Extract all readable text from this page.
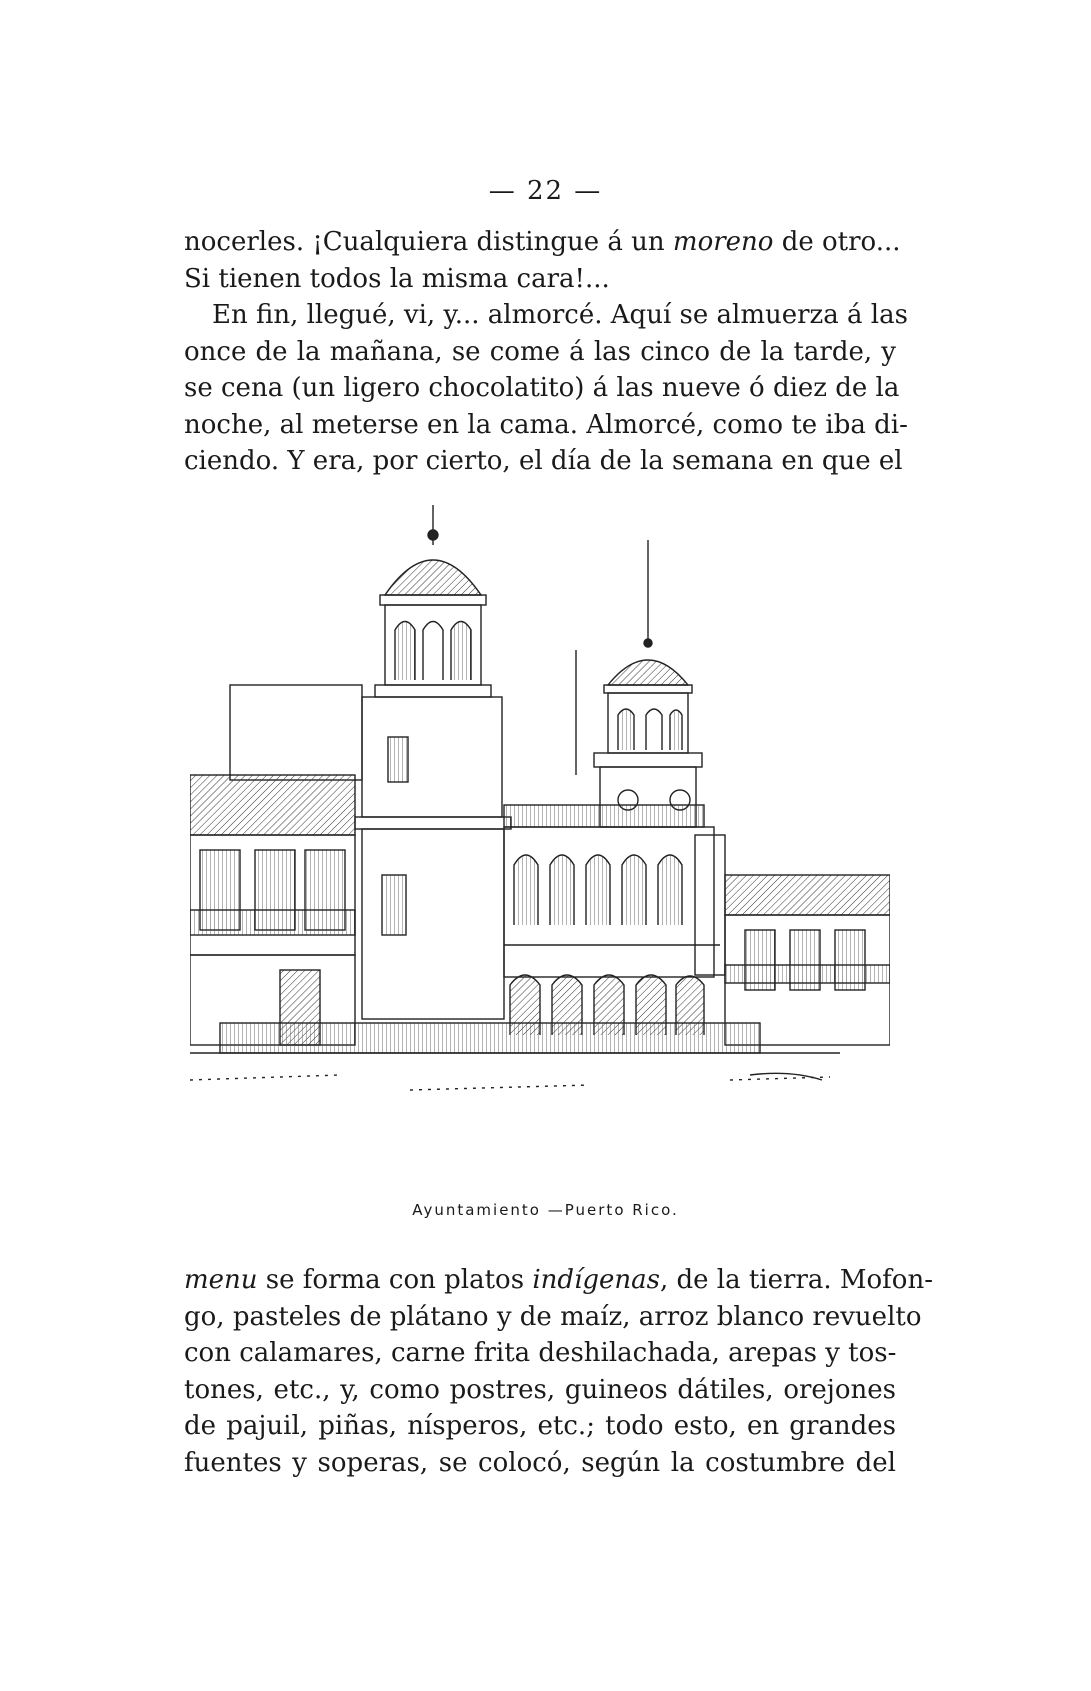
— 22 —
nocerles. ¡Cualquiera distingue á un moreno de otro...
Si tienen todos la misma cara!...
En fin, llegué, vi, y... almorcé. Aquí se almuerza á las
once de la mañana, se come á las cinco de la tarde, y
se cena (un ligero chocolatito) á las nueve ó diez de la
noche, al meterse en la cama. Almorcé, como te iba di-
ciendo. Y era, por cierto, el día de la semana en que el
Ayuntamiento —Puerto Rico.
menu se forma con platos indígenas, de la tierra. Mofon-
go, pasteles de plátano y de maíz, arroz blanco revuelto
con calamares, carne frita deshilachada, arepas y tos-
tones, etc., y, como postres, guineos dátiles, orejones
de pajuil, piñas, nísperos, etc.; todo esto, en grandes
fuentes y soperas, se colocó, según la costumbre del
